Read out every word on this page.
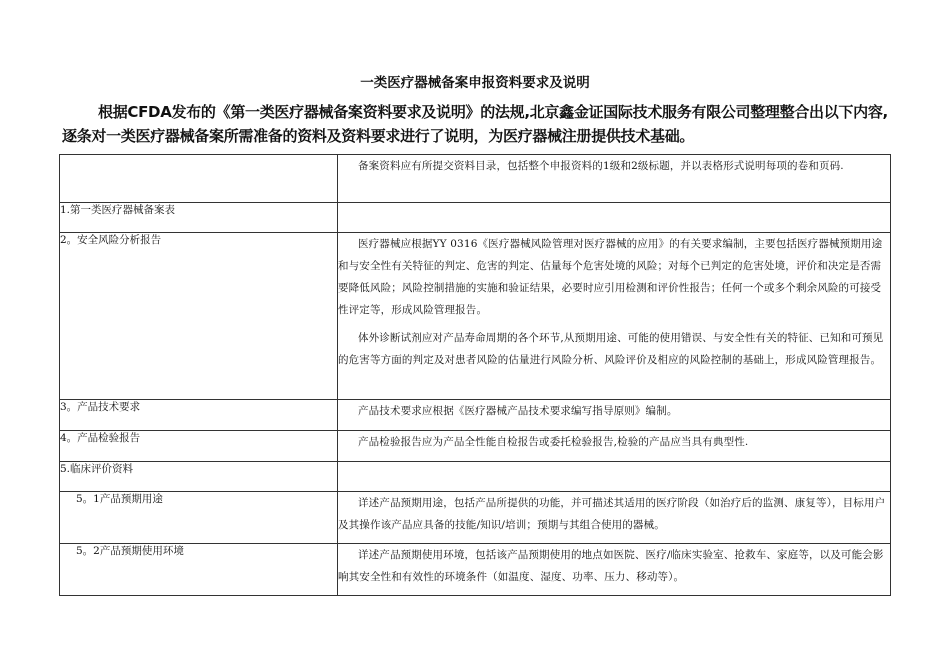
一类医疗器械备案申报资料要求及说明

根据CFDA发布的《第一类医疗器械备案资料要求及说明》的法规,北京鑫金证国际技术服务有限公司整理整合出以下内容,逐条对一类医疗器械备案所需准备的资料及资料要求进行了说明，为医疗器械注册提供技术基础。

	备案资料应有所提交资料目录，包括整个申报资料的1级和2级标题，并以表格形式说明每项的卷和页码.

1.第一类医疗器械备案表	
2。安全风险分析报告	医疗器械应根据YY 0316《医疗器械风险管理对医疗器械的应用》的有关要求编制，主要包括医疗器械预期用途和与安全性有关特征的判定、危害的判定、估量每个危害处境的风险；对每个已判定的危害处境，评价和决定是否需要降低风险；风险控制措施的实施和验证结果，必要时应引用检测和评价性报告；任何一个或多个剩余风险的可接受性评定等，形成风险管理报告。

体外诊断试剂应对产品寿命周期的各个环节,从预期用途、可能的使用错误、与安全性有关的特征、已知和可预见的危害等方面的判定及对患者风险的估量进行风险分析、风险评价及相应的风险控制的基础上，形成风险管理报告。

3。产品技术要求	产品技术要求应根据《医疗器械产品技术要求编写指导原则》编制。

4。产品检验报告	产品检验报告应为产品全性能自检报告或委托检验报告,检验的产品应当具有典型性.

5.临床评价资料	
5。1产品预期用途	详述产品预期用途，包括产品所提供的功能，并可描述其适用的医疗阶段（如治疗后的监测、康复等），目标用户及其操作该产品应具备的技能/知识/培训；预期与其组合使用的器械。

5。2产品预期使用环境	详述产品预期使用环境，包括该产品预期使用的地点如医院、医疗/临床实验室、抢救车、家庭等，以及可能会影响其安全性和有效性的环境条件（如温度、湿度、功率、压力、移动等）。
